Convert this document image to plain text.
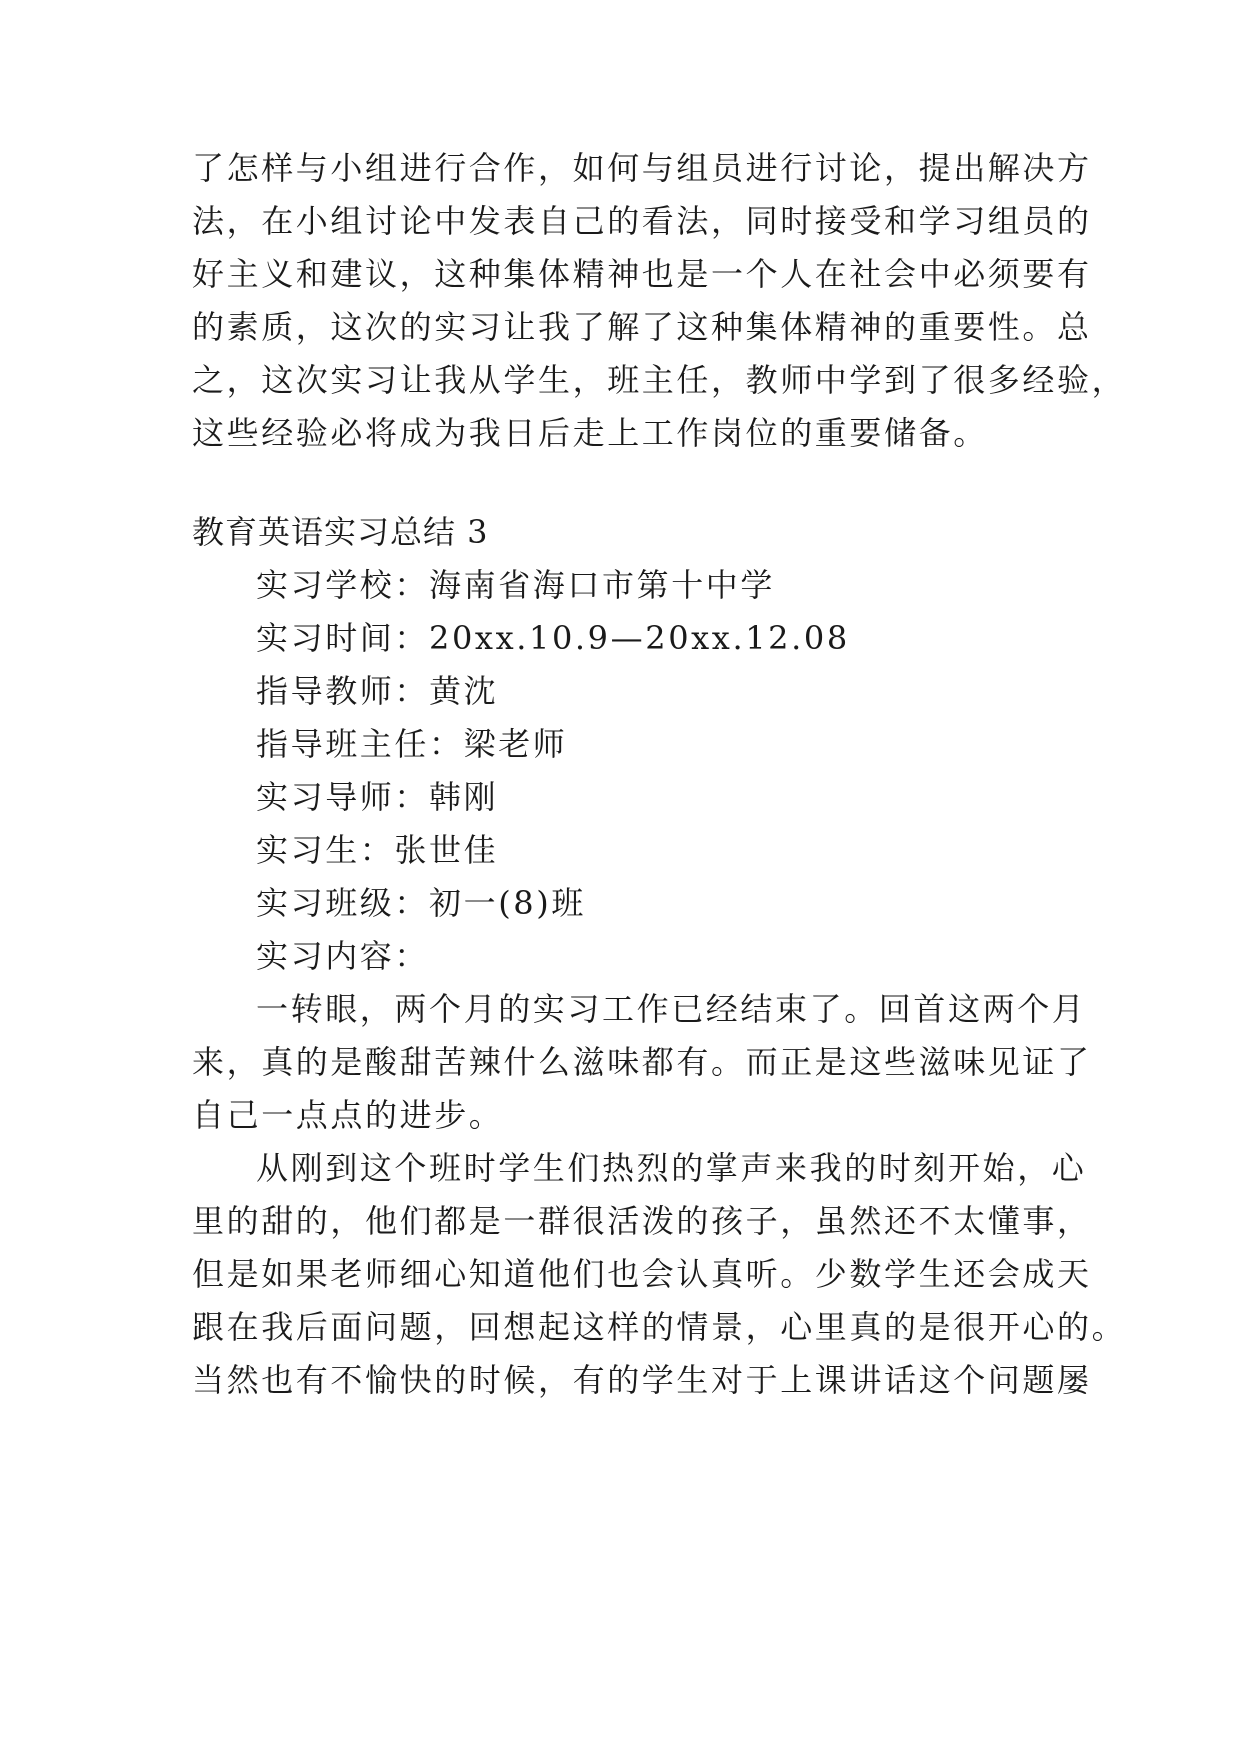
了怎样与小组进行合作，如何与组员进行讨论，提出解决方
法，在小组讨论中发表自己的看法，同时接受和学习组员的
好主义和建议，这种集体精神也是一个人在社会中必须要有
的素质，这次的实习让我了解了这种集体精神的重要性。总
之，这次实习让我从学生，班主任，教师中学到了很多经验，
这些经验必将成为我日后走上工作岗位的重要储备。
教育英语实习总结 3
实习学校：海南省海口市第十中学
实习时间：20xx.10.9—20xx.12.08
指导教师：黄沈
指导班主任：梁老师
实习导师：韩刚
实习生：张世佳
实习班级：初一(8)班
实习内容：
一转眼，两个月的实习工作已经结束了。回首这两个月
来，真的是酸甜苦辣什么滋味都有。而正是这些滋味见证了
自己一点点的进步。
从刚到这个班时学生们热烈的掌声来我的时刻开始，心
里的甜的，他们都是一群很活泼的孩子，虽然还不太懂事，
但是如果老师细心知道他们也会认真听。少数学生还会成天
跟在我后面问题，回想起这样的情景，心里真的是很开心的。
当然也有不愉快的时候，有的学生对于上课讲话这个问题屡
